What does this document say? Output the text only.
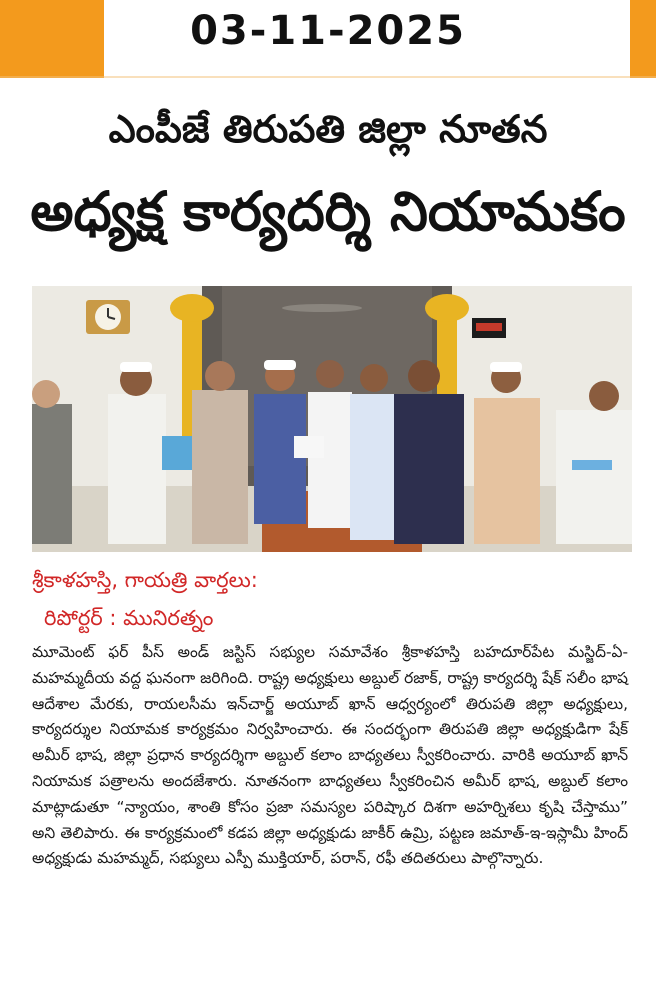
03-11-2025
ఎంపీజే తిరుపతి జిల్లా నూతన
అధ్యక్ష కార్యదర్శి నియామకం
శ్రీకాళహస్తి, గాయత్రి వార్తలు:
రిపోర్టర్ : మునిరత్నం
మూమెంట్ ఫర్ పీస్ అండ్ జస్టిస్ సభ్యుల సమావేశం శ్రీకాళహస్తి బహదూర్‌పేట మస్జిద్-ఏ-మహమ్మదీయ వద్ద ఘనంగా జరిగింది. రాష్ట్ర అధ్యక్షులు అబ్దుల్ రజాక్, రాష్ట్ర కార్యదర్శి షేక్ సలీం భాష ఆదేశాల మేరకు, రాయలసీమ ఇన్‌చార్జ్ అయూబ్ ఖాన్ ఆధ్వర్యంలో తిరుపతి జిల్లా అధ్యక్షులు, కార్యదర్శుల నియామక కార్యక్రమం నిర్వహించారు. ఈ సందర్భంగా తిరుపతి జిల్లా అధ్యక్షుడిగా షేక్ అమీర్ భాష, జిల్లా ప్రధాన కార్యదర్శిగా అబ్దుల్ కలాం బాధ్యతలు స్వీకరించారు. వారికి అయూబ్ ఖాన్ నియామక పత్రాలను అందజేశారు. నూతనంగా బాధ్యతలు స్వీకరించిన అమీర్ భాష, అబ్దుల్ కలాం మాట్లాడుతూ “న్యాయం, శాంతి కోసం ప్రజా సమస్యల పరిష్కార దిశగా అహర్నిశలు కృషి చేస్తాము” అని తెలిపారు. ఈ కార్యక్రమంలో కడప జిల్లా అధ్యక్షుడు జాకీర్ ఉమ్రి, పట్టణ జమాత్-ఇ-ఇస్లామీ హింద్ అధ్యక్షుడు మహమ్మద్, సభ్యులు ఎస్పీ ముక్తియార్, పరాన్, రఫీ తదితరులు పాల్గొన్నారు.
